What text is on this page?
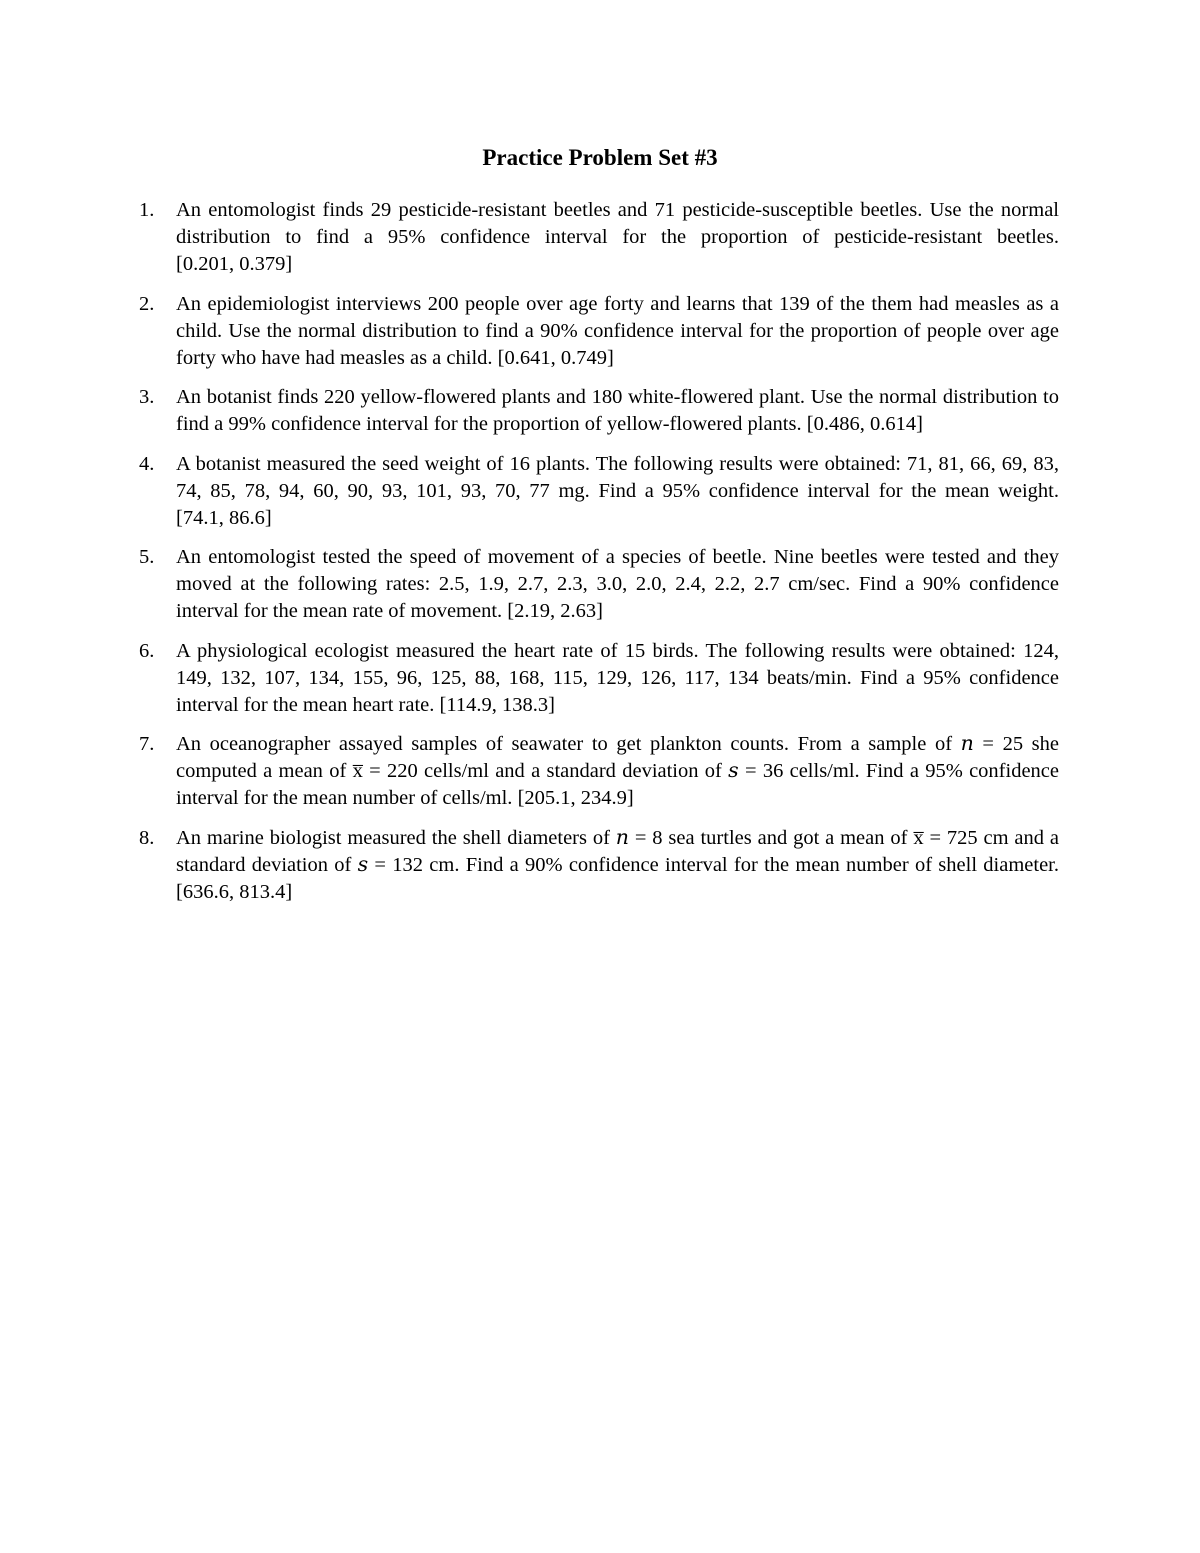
Practice Problem Set #3
1. An entomologist finds 29 pesticide-resistant beetles and 71 pesticide-susceptible beetles. Use the normal distribution to find a 95% confidence interval for the proportion of pesticide-resistant beetles. [0.201, 0.379]
2. An epidemiologist interviews 200 people over age forty and learns that 139 of the them had measles as a child. Use the normal distribution to find a 90% confidence interval for the proportion of people over age forty who have had measles as a child. [0.641, 0.749]
3. An botanist finds 220 yellow-flowered plants and 180 white-flowered plant. Use the normal distribution to find a 99% confidence interval for the proportion of yellow-flowered plants. [0.486, 0.614]
4. A botanist measured the seed weight of 16 plants. The following results were obtained: 71, 81, 66, 69, 83, 74, 85, 78, 94, 60, 90, 93, 101, 93, 70, 77 mg. Find a 95% confidence interval for the mean weight. [74.1, 86.6]
5. An entomologist tested the speed of movement of a species of beetle. Nine beetles were tested and they moved at the following rates: 2.5, 1.9, 2.7, 2.3, 3.0, 2.0, 2.4, 2.2, 2.7 cm/sec. Find a 90% confidence interval for the mean rate of movement. [2.19, 2.63]
6. A physiological ecologist measured the heart rate of 15 birds. The following results were obtained: 124, 149, 132, 107, 134, 155, 96, 125, 88, 168, 115, 129, 126, 117, 134 beats/min. Find a 95% confidence interval for the mean heart rate. [114.9, 138.3]
7. An oceanographer assayed samples of seawater to get plankton counts. From a sample of 𝑛 = 25 she computed a mean of x̅ = 220 cells/ml and a standard deviation of 𝑠 = 36 cells/ml. Find a 95% confidence interval for the mean number of cells/ml. [205.1, 234.9]
8. An marine biologist measured the shell diameters of 𝑛 = 8 sea turtles and got a mean of x̅ = 725 cm and a standard deviation of 𝑠 = 132 cm. Find a 90% confidence interval for the mean number of shell diameter. [636.6, 813.4]
